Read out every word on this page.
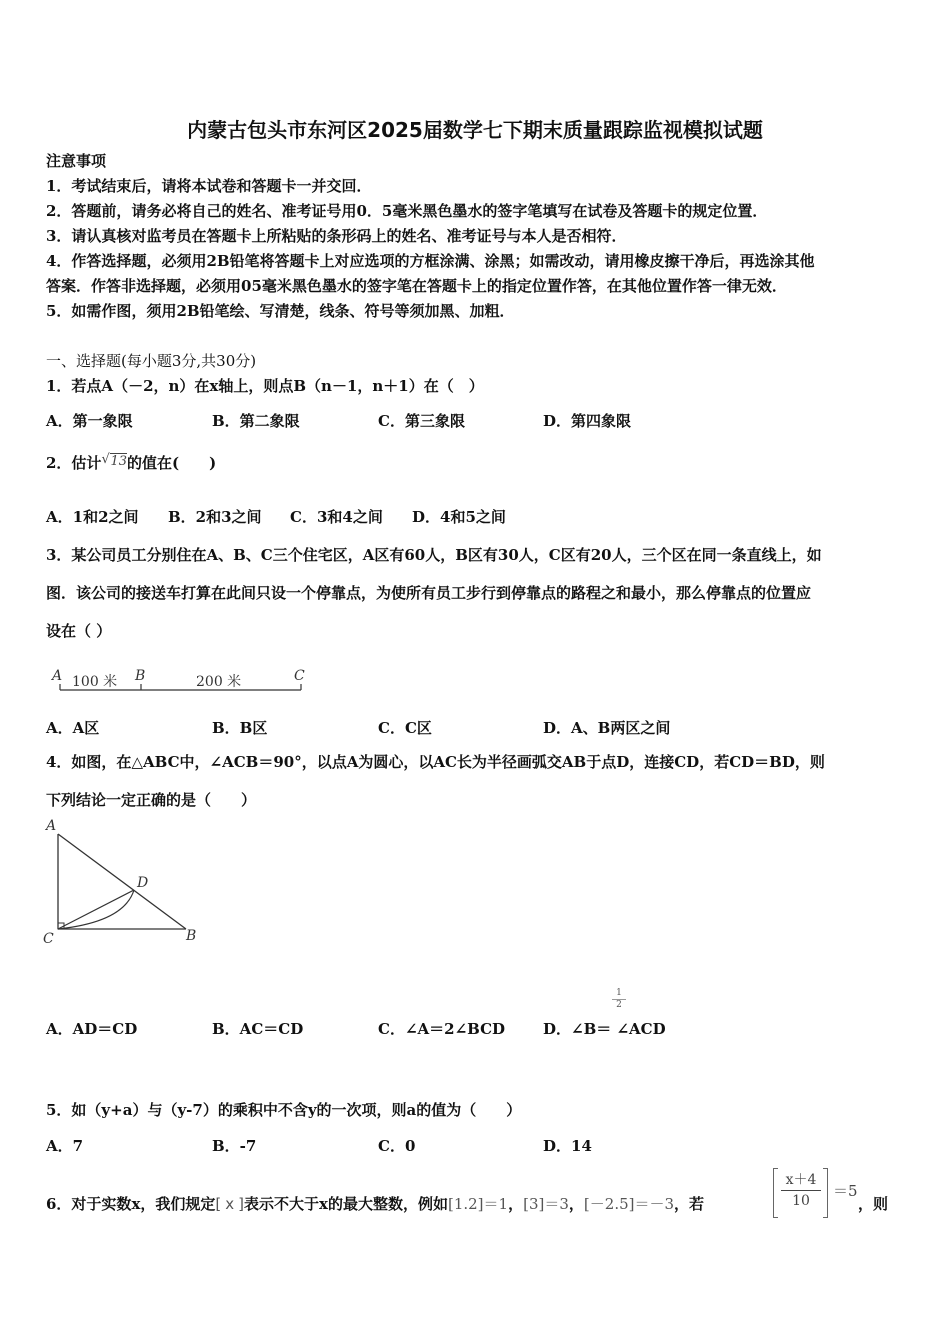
内蒙古包头市东河区2025届数学七下期末质量跟踪监视模拟试题
注意事项
1．考试结束后，请将本试卷和答题卡一并交回．
2．答题前，请务必将自己的姓名、准考证号用0．5毫米黑色墨水的签字笔填写在试卷及答题卡的规定位置．
3．请认真核对监考员在答题卡上所粘贴的条形码上的姓名、准考证号与本人是否相符．
4．作答选择题，必须用2B铅笔将答题卡上对应选项的方框涂满、涂黑；如需改动，请用橡皮擦干净后，再选涂其他
答案．作答非选择题，必须用05毫米黑色墨水的签字笔在答题卡上的指定位置作答，在其他位置作答一律无效．
5．如需作图，须用2B铅笔绘、写清楚，线条、符号等须加黑、加粗．
一、选择题(每小题3分,共30分)
1．若点A（－2，n）在x轴上，则点B（n－1，n＋1）在（　）
A．第一象限	B．第二象限	C．第三象限	D．第四象限
2．估计 √ 13的值在(　　)
A．1和2之间 B．2和3之间 C．3和4之间 D．4和5之间
3．某公司员工分别住在A、B、C三个住宅区，A区有60人，B区有30人，C区有20人，三个区在同一条直线上，如
图．该公司的接送车打算在此间只设一个停靠点，为使所有员工步行到停靠点的路程之和最小，那么停靠点的位置应
设在（ ）
A	B	C
100 米	200 米
A．A区	B．B区	C．C区	D．A、B两区之间
4．如图，在△ABC中，∠ACB＝90°，以点A为圆心，以AC长为半径画弧交AB于点D，连接CD，若CD＝BD，则
下列结论一定正确的是（　　）
A
D
C	B
A．AD＝CD	B．AC＝CD	C．∠A＝2∠BCD	D．∠B＝ ∠ACD
$\frac{1}{2}$
5．如（y+a）与（y-7）的乘积中不含y的一次项，则a的值为（　　）
A．7	B．-7	C．0	D．14
6．对于实数x，我们规定[ x ]表示不大于x的最大整数，例如[1.2]＝1，[3]＝3，[－2.5]＝－3，若	$\frac{x+4}{10} =5$
，则
